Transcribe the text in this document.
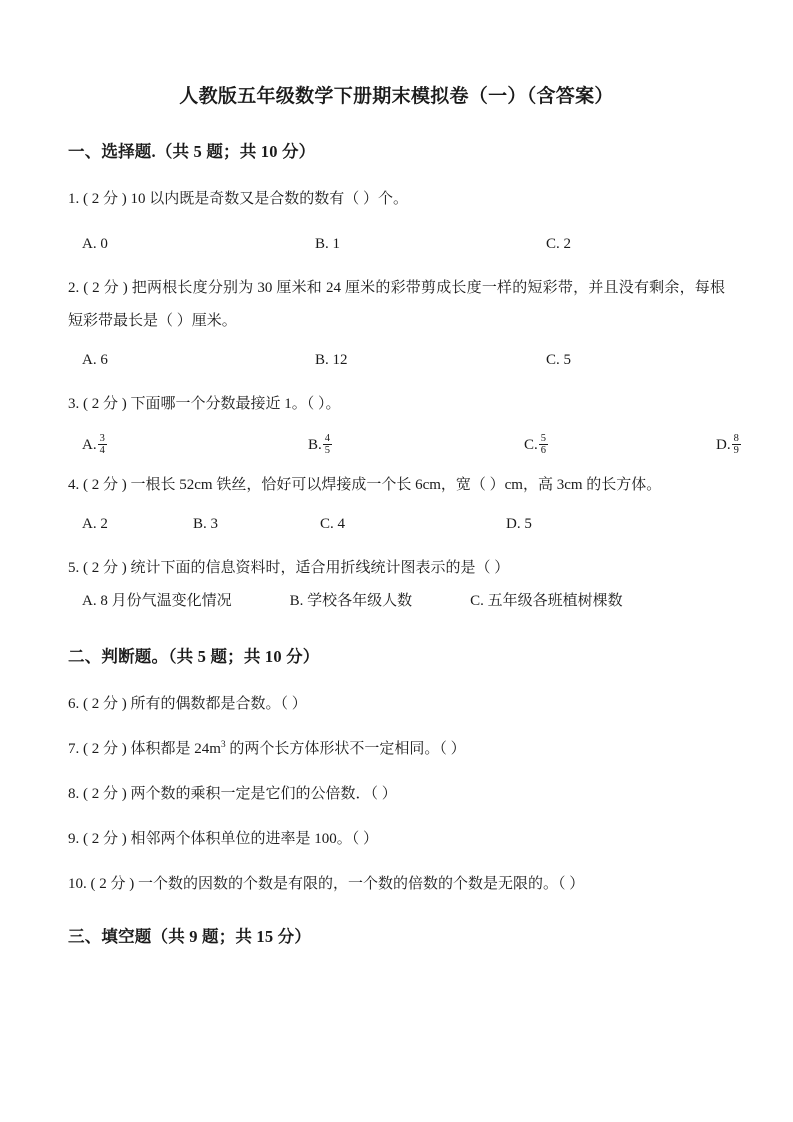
人教版五年级数学下册期末模拟卷（一）（含答案）
一、选择题.（共 5 题；共 10 分）
1. ( 2 分 ) 10 以内既是奇数又是合数的数有（ ）个。
A. 0	B. 1	C. 2
2. ( 2 分 ) 把两根长度分别为 30 厘米和 24 厘米的彩带剪成长度一样的短彩带，并且没有剩余，每根短彩带最长是（ ）厘米。
A. 6	B. 12	C. 5
3. ( 2 分 ) 下面哪一个分数最接近 1。（ ）。
A. $\frac{3}{4}$	B. $\frac{4}{5}$	C. $\frac{5}{6}$	D. $\frac{8}{9}$
4. ( 2 分 ) 一根长 52cm 铁丝，恰好可以焊接成一个长 6cm，宽（ ）cm，高 3cm 的长方体。
A. 2	B. 3	C. 4	D. 5
5. ( 2 分 ) 统计下面的信息资料时，适合用折线统计图表示的是（ ）
A. 8 月份气温变化情况	B. 学校各年级人数	C. 五年级各班植树棵数
二、判断题。（共 5 题；共 10 分）
6. ( 2 分 ) 所有的偶数都是合数。（ ）
7. ( 2 分 ) 体积都是 $24m^3$ 的两个长方体形状不一定相同。（ ）
8. ( 2 分 ) 两个数的乘积一定是它们的公倍数．（ ）
9. ( 2 分 ) 相邻两个体积单位的进率是 100。（ ）
10. ( 2 分 ) 一个数的因数的个数是有限的，一个数的倍数的个数是无限的。（ ）
三、填空题（共 9 题；共 15 分）
